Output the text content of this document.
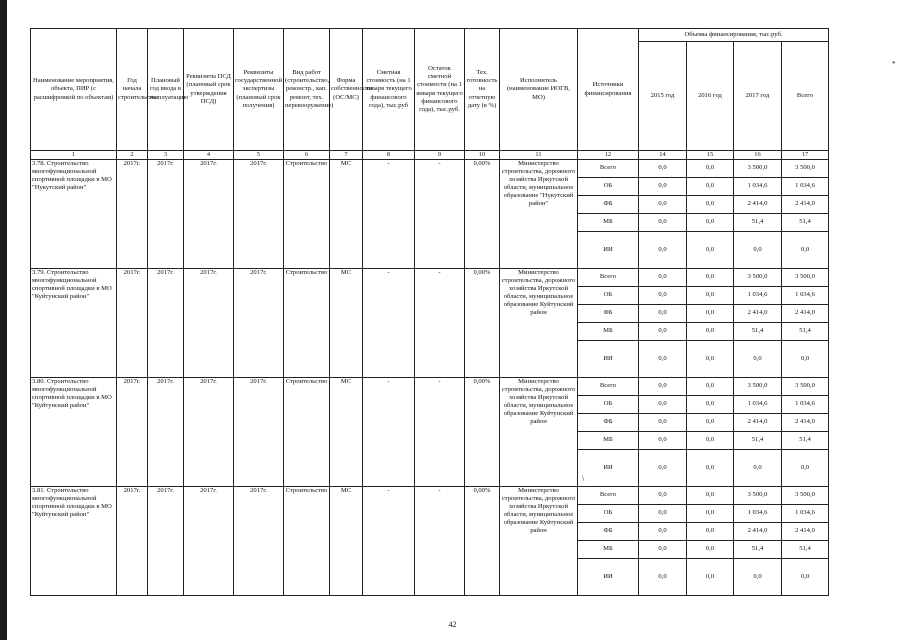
Наименование мероприятия, объекта, ПИР (с расшифровкой по объектам)	Год начала строительства	Плановый год ввода в эксплуатацию	Реквизиты ПСД (плановый срок утверждения ПСД)	Реквизиты государственной экспертизы (плановый срок получения)	Вид работ (строительство, реконстр., кап. ремонт, тех. перевооружение)	Форма собственности (ОС/МС)	Сметная стоимость (на 1 января текущего финансового года), тыс.руб	Остаток сметной стоимости (на 1 января текущего финансового года), тыс.руб.	Тех. готовность на отчетную дату (в %)	Исполнитель (наименование ИОГВ, МО)	Источники финансирования	Объемы финансирования, тыс.руб.			
												2015 год	2016 год	2017 год	Всего
1	2	3	4	5	6	7	8	9	10	11	12	14	15	16	17
3.78. Строительство многофункциональной спортивной площадки в МО "Нукутский район"	2017г.	2017г.	2017г.	2017г.	Строительство	МС	-	-	0,00%	Министерство строительства, дорожного хозяйства Иркутской области, муниципальное образование "Нукутский район"	Всего	0,0	0,0	3 500,0	3 500,0
											ОБ	0,0	0,0	1 034,6	1 034,6
											ФБ	0,0	0,0	2 414,0	2 414,0
											МБ	0,0	0,0	51,4	51,4
											ИИ	0,0	0,0	0,0	0,0
3.79. Строительство многофункциональной спортивной площадки в МО "Куйтунский район"	2017г.	2017г.	2017г.	2017г.	Строительство	МС	-	-	0,00%	Министерство строительства, дорожного хозяйства Иркутской области, муниципальное образование Куйтунский район	Всего	0,0	0,0	3 500,0	3 500,0
											ОБ	0,0	0,0	1 034,6	1 034,6
											ФБ	0,0	0,0	2 414,0	2 414,0
											МБ	0,0	0,0	51,4	51,4
											ИИ	0,0	0,0	0,0	0,0
3.80. Строительство многофункциональной спортивной площадки в МО "Куйтунский район"	2017г.	2017г.	2017г.	2017г.	Строительство	МС	-	-	0,00%	Министерство строительства, дорожного хозяйства Иркутской области, муниципальное образование Куйтунский район	Всего	0,0	0,0	3 500,0	3 500,0
											ОБ	0,0	0,0	1 034,6	1 034,6
											ФБ	0,0	0,0	2 414,0	2 414,0
											МБ	0,0	0,0	51,4	51,4
											ИИ	0,0	0,0	0,0	0,0
3.81. Строительство многофункциональной спортивной площадки в МО "Куйтунский район"	2017г.	2017г.	2017г.	2017г.	Строительство	МС	-	-	0,00%	Министерство строительства, дорожного хозяйства Иркутской области, муниципальное образование Куйтунский район	Всего	0,0	0,0	3 500,0	3 500,0
											ОБ	0,0	0,0	1 034,6	1 034,6
											ФБ	0,0	0,0	2 414,0	2 414,0
											МБ	0,0	0,0	51,4	51,4
											ИИ	0,0	0,0	0,0	0,0
42
\
*
